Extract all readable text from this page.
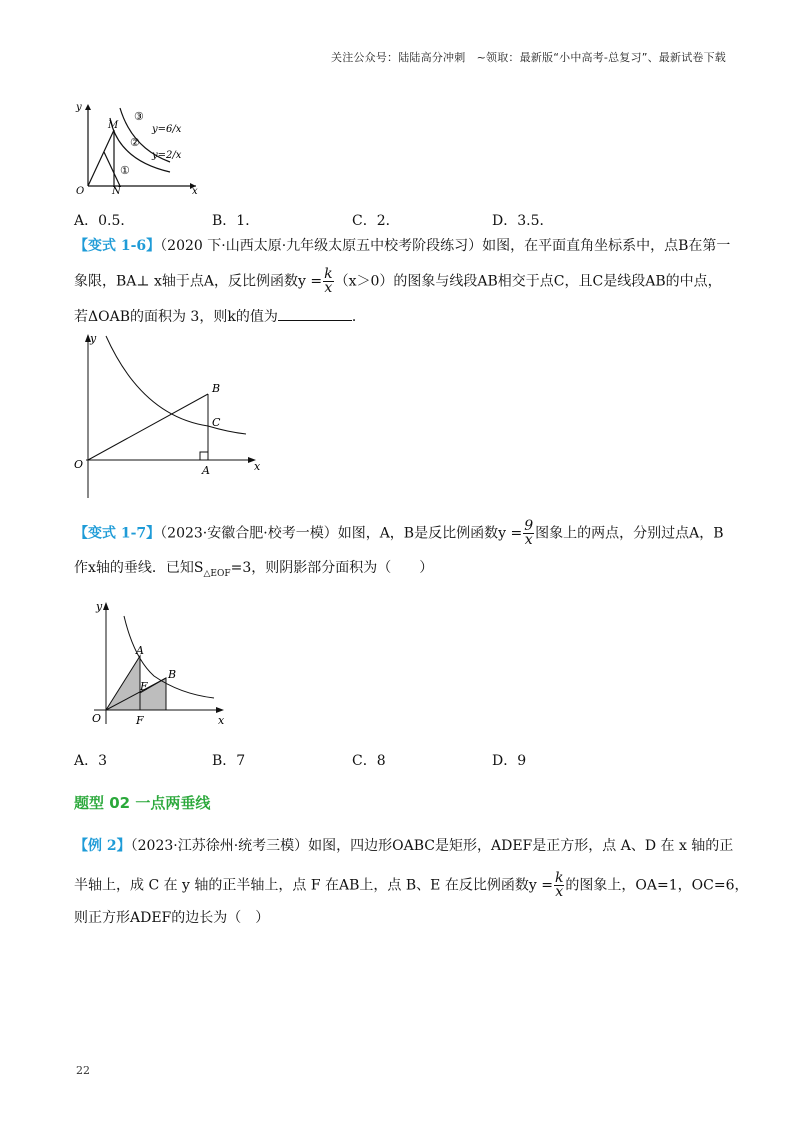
关注公众号：陆陆高分冲刺　~领取：最新版“小中高考-总复习”、最新试卷下载
y
x
O	N
M
①
②
③
y=6/x
y=2/x
A．0.5．	B．1．	C．2．	D．3.5．
【变式 1-6】（2020 下·山西太原·九年级太原五中校考阶段练习）如图，在平面直角坐标系中，点B在第一
象限，BA⊥ x轴于点A，反比例函数$y = \frac{k}{x} (x>0)$的图象与线段AB相交于点C，且C是线段AB的中点，
若ΔOAB的面积为 3，则k的值为	．
y
x
O	A
B
C
【变式 1-7】（2023·安徽合肥·校考一模）如图，A，B是反比例函数$y = \frac{9}{x}$ 图象上的两点，分别过点A，B
作x轴的垂线．已知$S_{\triangle EOF}=3$，则阴影部分面积为（　　）
y
x
O	F
A
B
E
A．3	B．7	C．8	D．9
题型 02 一点两垂线
【例 2】（2023·江苏徐州·统考三模）如图，四边形OABC是矩形，ADEF是正方形，点 A、D 在 x 轴的正
半轴上，成 C 在 y 轴的正半轴上，点 F 在AB上，点 B、E 在反比例函数$y = \frac{k}{x}$ 的图象上，OA=1，OC=6，
则正方形ADEF的边长为（　）
22
